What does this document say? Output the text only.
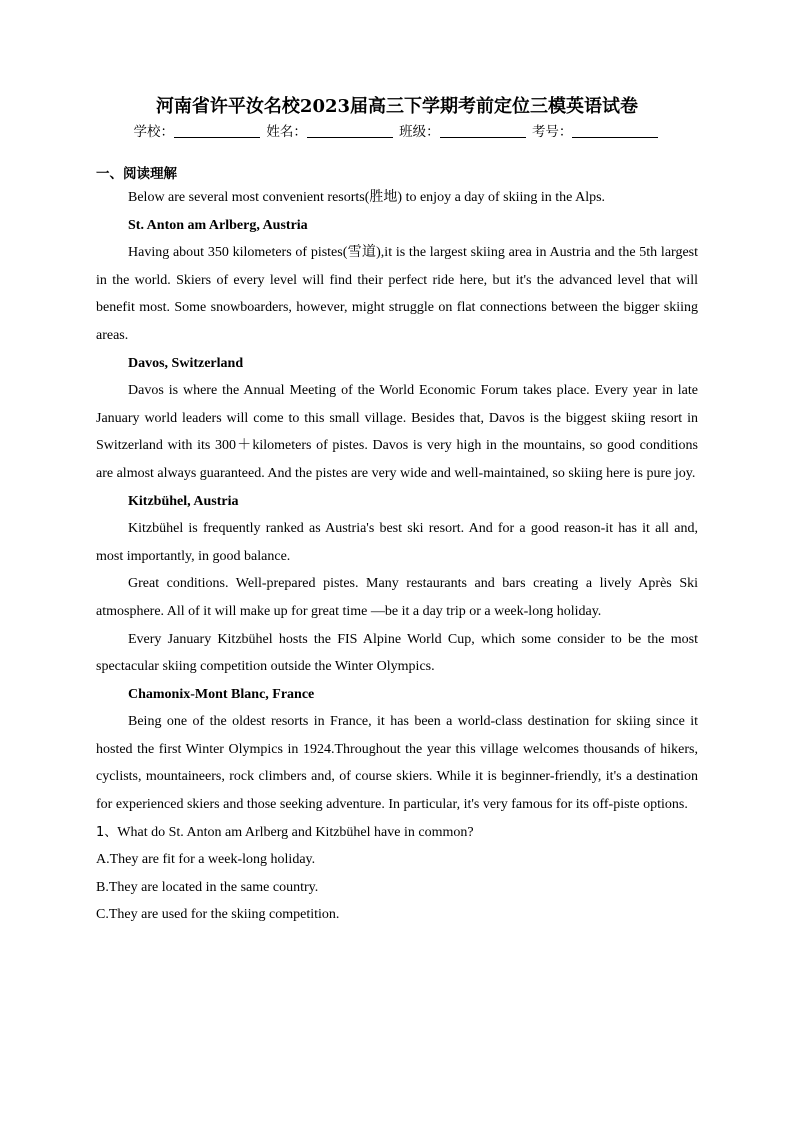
河南省许平汝名校2023届高三下学期考前定位三模英语试卷
学校：	姓名：	班级：	考号：
一、阅读理解

Below are several most convenient resorts(胜地) to enjoy a day of skiing in the Alps.

St. Anton am Arlberg, Austria

Having about 350 kilometers of pistes(雪道),it is the largest skiing area in Austria and the 5th largest in the world. Skiers of every level will find their perfect ride here, but it's the advanced level that will benefit most. Some snowboarders, however, might struggle on flat connections between the bigger skiing areas.

Davos, Switzerland

Davos is where the Annual Meeting of the World Economic Forum takes place. Every year in late January world leaders will come to this small village. Besides that, Davos is the biggest skiing resort in Switzerland with its 300＋kilometers of pistes. Davos is very high in the mountains, so good conditions are almost always guaranteed. And the pistes are very wide and well-maintained, so skiing here is pure joy.

Kitzbühel, Austria

Kitzbühel is frequently ranked as Austria's best ski resort. And for a good reason-it has it all and, most importantly, in good balance.

Great conditions. Well-prepared pistes. Many restaurants and bars creating a lively Après Ski atmosphere. All of it will make up for great time —be it a day trip or a week-long holiday.

Every January Kitzbühel hosts the FIS Alpine World Cup, which some consider to be the most spectacular skiing competition outside the Winter Olympics.

Chamonix-Mont Blanc, France

Being one of the oldest resorts in France, it has been a world-class destination for skiing since it hosted the first Winter Olympics in 1924.Throughout the year this village welcomes thousands of hikers, cyclists, mountaineers, rock climbers and, of course skiers. While it is beginner-friendly, it's a destination for experienced skiers and those seeking adventure. In particular, it's very famous for its off-piste options.

1、What do St. Anton am Arlberg and Kitzbühel have in common?

A.They are fit for a week-long holiday.

B.They are located in the same country.

C.They are used for the skiing competition.
